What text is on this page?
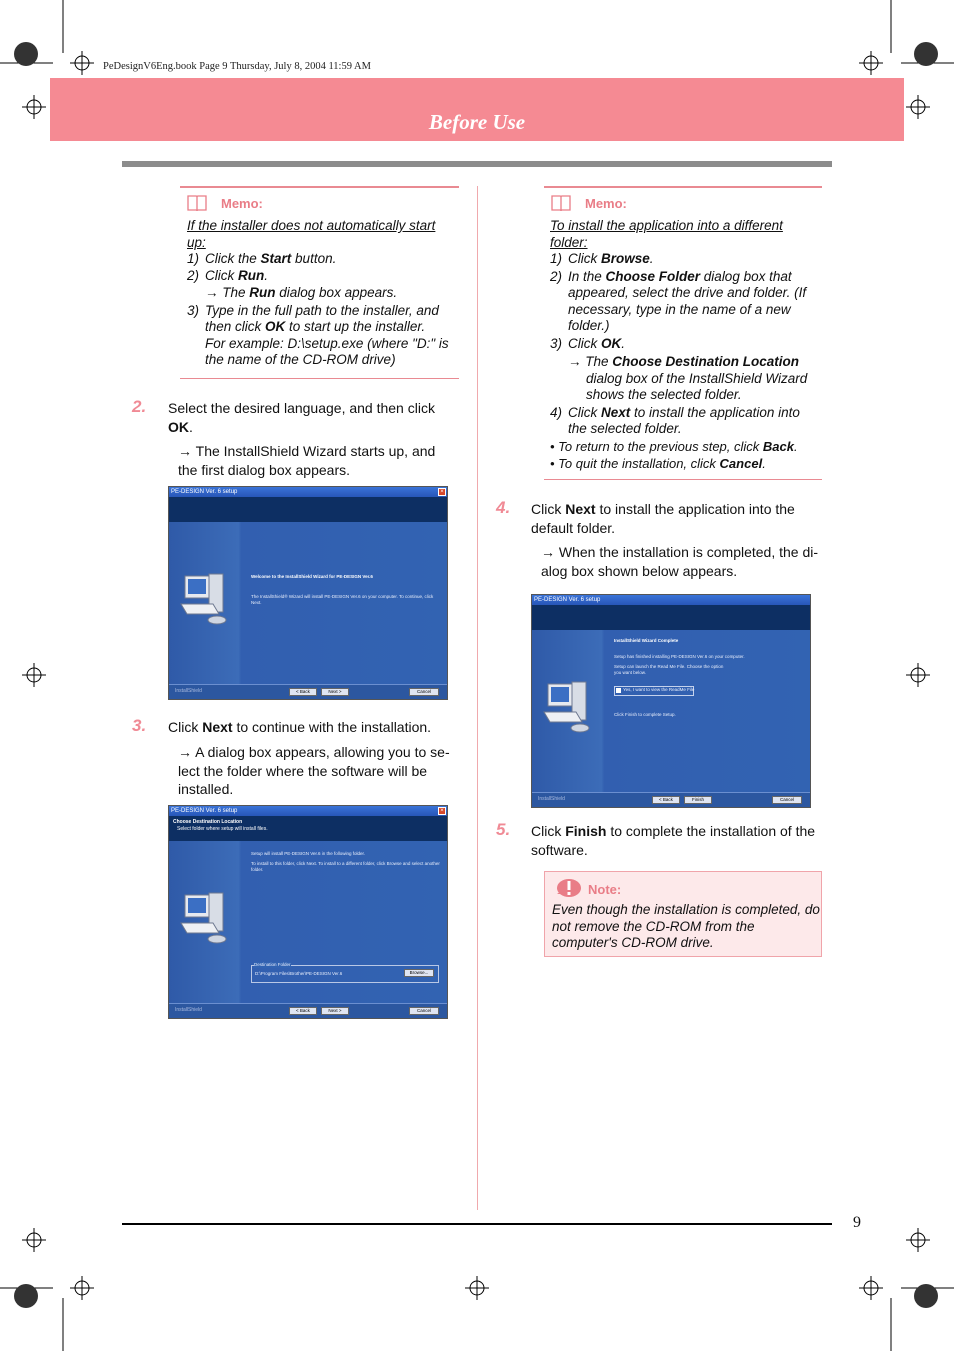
PeDesignV6Eng.book Page 9 Thursday, July 8, 2004 11:59 AM
Before Use
Memo:

If the installer does not automatically start up:

1) Click the Start button.

2) Click Run.

→ The Run dialog box appears.

3) Type in the full path to the installer, and then click OK to start up the installer.

For example: D:\setup.exe (where "D:" is the name of the CD-ROM drive)

2. Select the desired language, and then click OK.
→ The InstallShield Wizard starts up, and the first dialog box appears.
PE-DESIGN Ver. 6 setup	×
Welcome to the InstallShield Wizard for PE-DESIGN Ver.6
The InstallShield® Wizard will install PE-DESIGN Ver.6 on your computer. To continue, click Next.
InstallShield	< Back	Next >	Cancel
3. Click Next to continue with the installation.
→ A dialog box appears, allowing you to se-lect the folder where the software will be installed.
PE-DESIGN Ver. 6 setup	×
Choose Destination Location
Select folder where setup will install files.
Setup will install PE-DESIGN Ver.6 in the following folder.
To install to this folder, click Next. To install to a different folder, click Browse and select another folder.
Destination Folder
D:\Program Files\Brother\PE-DESIGN Ver.6	Browse...
InstallShield	< Back	Next >	Cancel
Memo:

To install the application into a different folder:

1) Click Browse.

2) In the Choose Folder dialog box that appeared, select the drive and folder. (If necessary, type in the name of a new folder.)

3) Click OK.

→ The Choose Destination Location dialog box of the InstallShield Wizard shows the selected folder.

4) Click Next to install the application into the selected folder.

• To return to the previous step, click Back.

• To quit the installation, click Cancel.

4. Click Next to install the application into the default folder.
→ When the installation is completed, the di-alog box shown below appears.
PE-DESIGN Ver. 6 setup
InstallShield Wizard Complete
Setup has finished installing PE-DESIGN Ver.6 on your computer.
Setup can launch the Read Me File. Choose the option you want below.
Yes, I want to view the ReadMe File
Click Finish to complete Setup.
InstallShield	< Back	Finish	Cancel
5. Click Finish to complete the installation of the software.
Note:
Even though the installation is completed, do not remove the CD-ROM from the computer's CD-ROM drive.
9
